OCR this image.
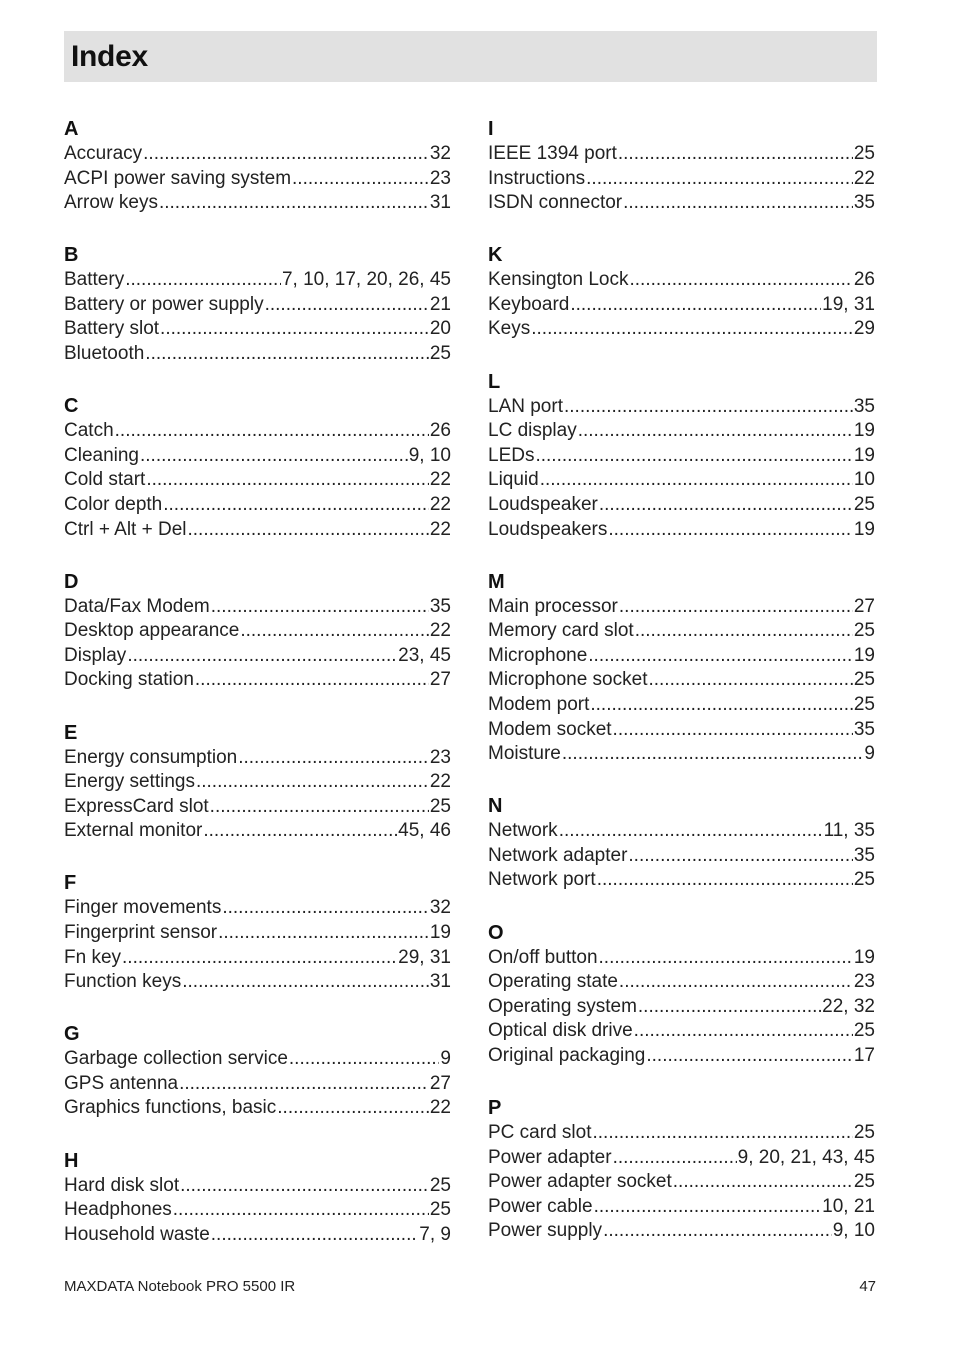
Index
A
Accuracy .....	32
ACPI power saving system .....	23
Arrow keys .....	31
B
Battery .....	7, 10, 17, 20, 26, 45
Battery or power supply .....	21
Battery slot .....	20
Bluetooth .....	25
C
Catch .....	26
Cleaning .....	9, 10
Cold start .....	22
Color depth .....	22
Ctrl + Alt + Del .....	22
D
Data/Fax Modem .....	35
Desktop appearance .....	22
Display .....	23, 45
Docking station .....	27
E
Energy consumption .....	23
Energy settings .....	22
ExpressCard slot .....	25
External monitor .....	45, 46
F
Finger movements .....	32
Fingerprint sensor .....	19
Fn key .....	29, 31
Function keys .....	31
G
Garbage collection service .....	9
GPS antenna .....	27
Graphics functions, basic .....	22
H
Hard disk slot .....	25
Headphones .....	25
Household waste .....	7, 9
I
IEEE 1394 port .....	25
Instructions .....	22
ISDN connector .....	35
K
Kensington Lock .....	26
Keyboard .....	19, 31
Keys .....	29
L
LAN port .....	35
LC display .....	19
LEDs .....	19
Liquid .....	10
Loudspeaker .....	25
Loudspeakers .....	19
M
Main processor .....	27
Memory card slot .....	25
Microphone .....	19
Microphone socket .....	25
Modem port .....	25
Modem socket .....	35
Moisture .....	9
N
Network .....	11, 35
Network adapter .....	35
Network port .....	25
O
On/off button .....	19
Operating state .....	23
Operating system .....	22, 32
Optical disk drive .....	25
Original packaging .....	17
P
PC card slot .....	25
Power adapter .....	9, 20, 21, 43, 45
Power adapter socket .....	25
Power cable .....	10, 21
Power supply .....	9, 10
MAXDATA Notebook PRO 5500 IR	47
